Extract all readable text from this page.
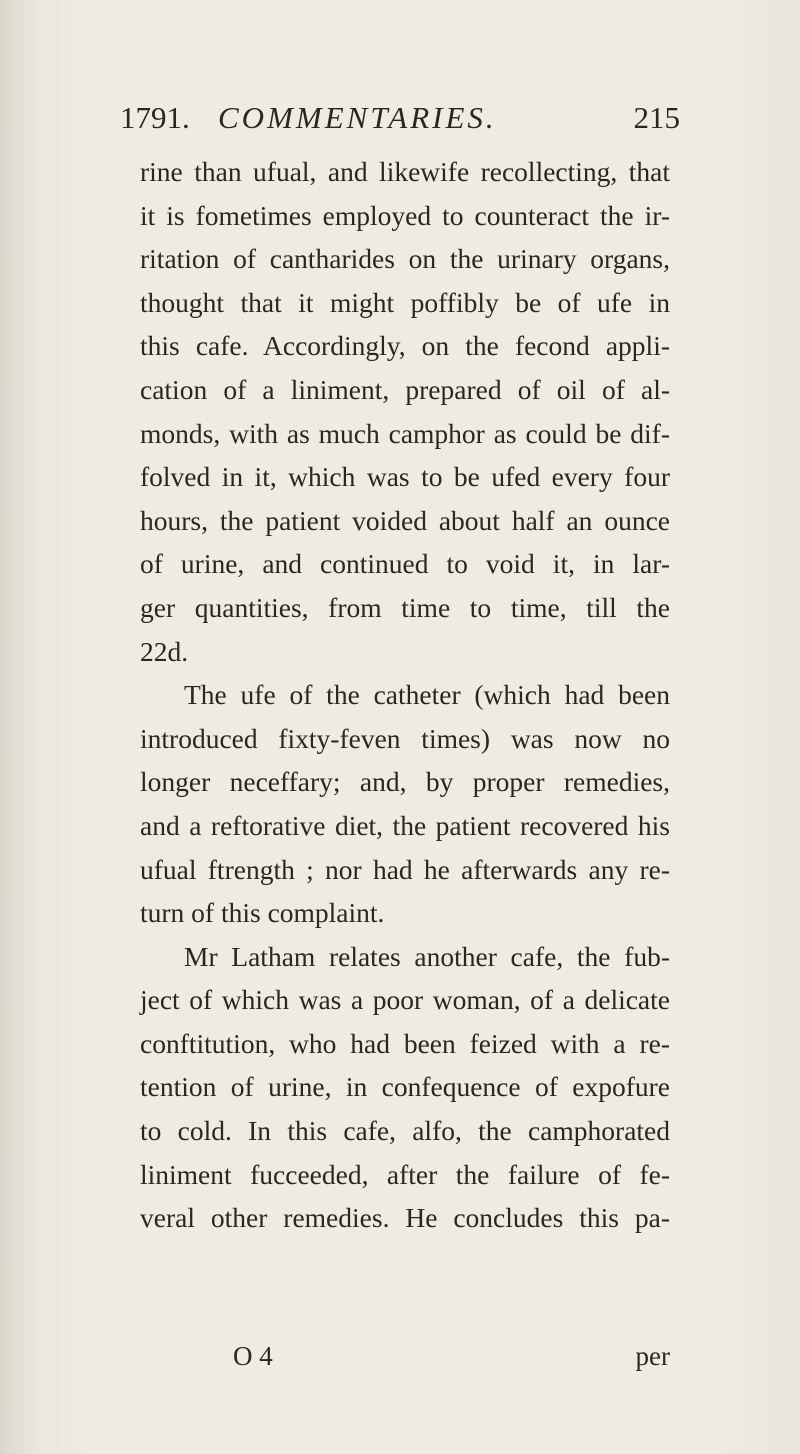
1791. COMMENTARIES.	215
rine than ufual, and likewife recollecting, that
it is fometimes employed to counteract the ir-
ritation of cantharides on the urinary organs,
thought that it might poffibly be of ufe in
this cafe. Accordingly, on the fecond appli-
cation of a liniment, prepared of oil of al-
monds, with as much camphor as could be dif-
folved in it, which was to be ufed every four
hours, the patient voided about half an ounce
of urine, and continued to void it, in lar-
ger quantities, from time to time, till the
22d.
The ufe of the catheter (which had been
introduced fixty-feven times) was now no
longer neceffary; and, by proper remedies,
and a reftorative diet, the patient recovered his
ufual ftrength ; nor had he afterwards any re-
turn of this complaint.
Mr Latham relates another cafe, the fub-
ject of which was a poor woman, of a delicate
conftitution, who had been feized with a re-
tention of urine, in confequence of expofure
to cold. In this cafe, alfo, the camphorated
liniment fucceeded, after the failure of fe-
veral other remedies. He concludes this pa-
O 4	per
